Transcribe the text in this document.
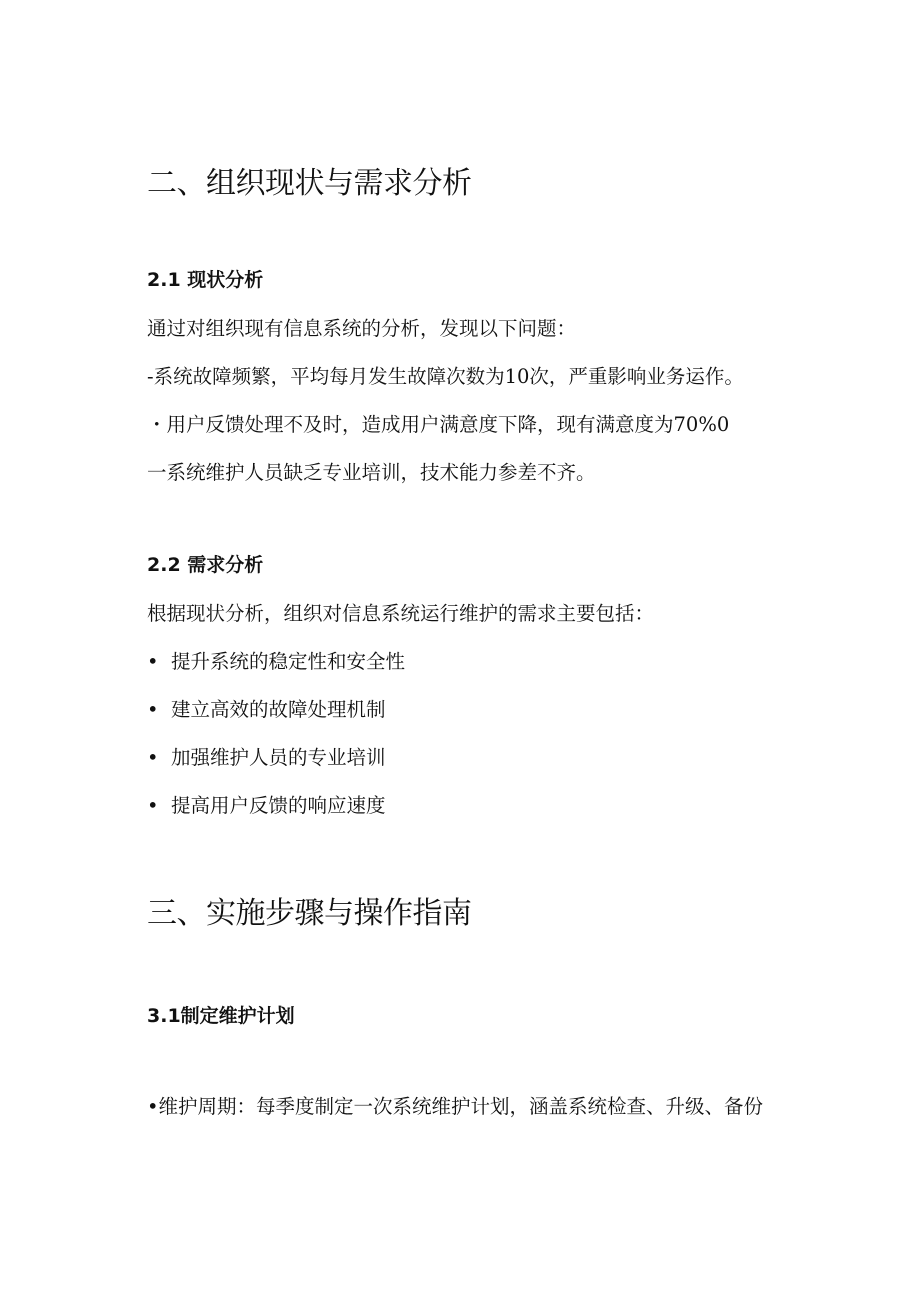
二、组织现状与需求分析
2.1 现状分析

通过对组织现有信息系统的分析，发现以下问题：

-系统故障频繁，平均每月发生故障次数为10次，严重影响业务运作。

・用户反馈处理不及时，造成用户满意度下降，现有满意度为70%0

一系统维护人员缺乏专业培训，技术能力参差不齐。

2.2 需求分析

根据现状分析，组织对信息系统运行维护的需求主要包括：

• 提升系统的稳定性和安全性
• 建立高效的故障处理机制
• 加强维护人员的专业培训
• 提高用户反馈的响应速度
三、实施步骤与操作指南
3.1制定维护计划

•维护周期：每季度制定一次系统维护计划，涵盖系统检查、升级、备份
